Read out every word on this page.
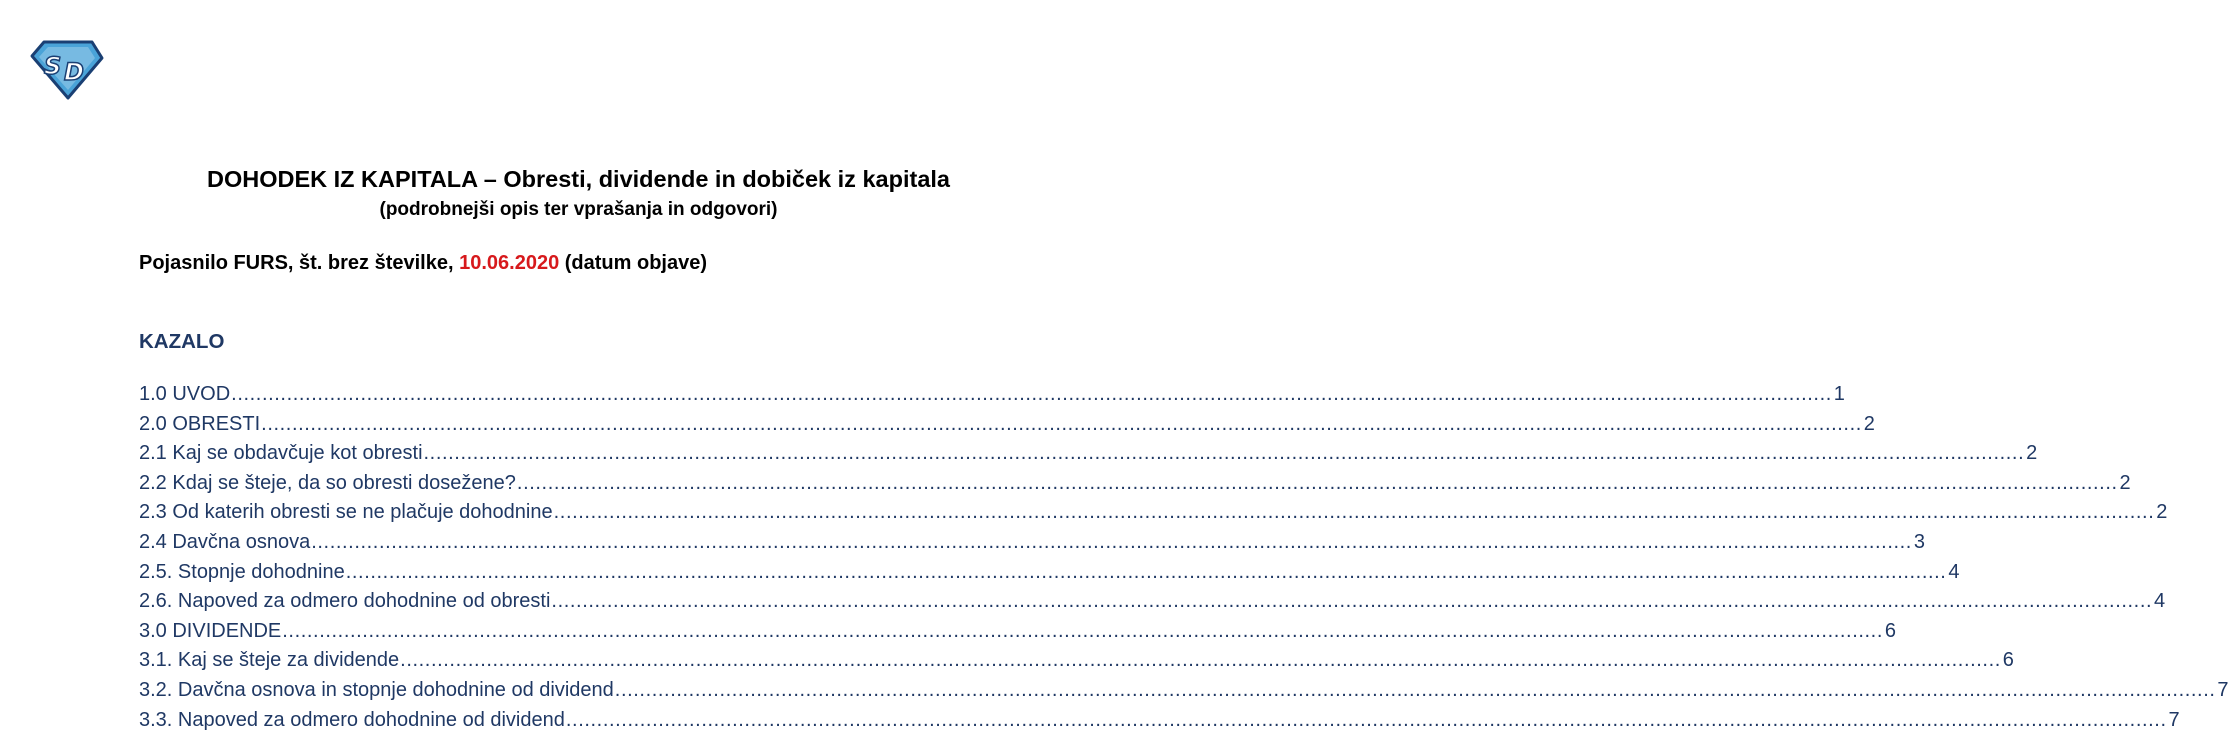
S D
DOHODEK IZ KAPITALA – Obresti, dividende in dobiček iz kapitala
(podrobnejši opis ter vprašanja in odgovori)
Pojasnilo FURS, št. brez številke, 10.06.2020 (datum objave)
KAZALO
1.0 UVOD .................................................................................................................................................................................................................................................................... 1
2.0 OBRESTI .................................................................................................................................................................................................................................................................... 2
2.1 Kaj se obdavčuje kot obresti .................................................................................................................................................................................................................................................................... 2
2.2 Kdaj se šteje, da so obresti dosežene? .................................................................................................................................................................................................................................................................... 2
2.3 Od katerih obresti se ne plačuje dohodnine .................................................................................................................................................................................................................................................................... 2
2.4 Davčna osnova .................................................................................................................................................................................................................................................................... 3
2.5. Stopnje dohodnine .................................................................................................................................................................................................................................................................... 4
2.6. Napoved za odmero dohodnine od obresti .................................................................................................................................................................................................................................................................... 4
3.0 DIVIDENDE .................................................................................................................................................................................................................................................................... 6
3.1. Kaj se šteje za dividende .................................................................................................................................................................................................................................................................... 6
3.2. Davčna osnova in stopnje dohodnine od dividend .................................................................................................................................................................................................................................................................... 7
3.3. Napoved za odmero dohodnine od dividend .................................................................................................................................................................................................................................................................... 7
